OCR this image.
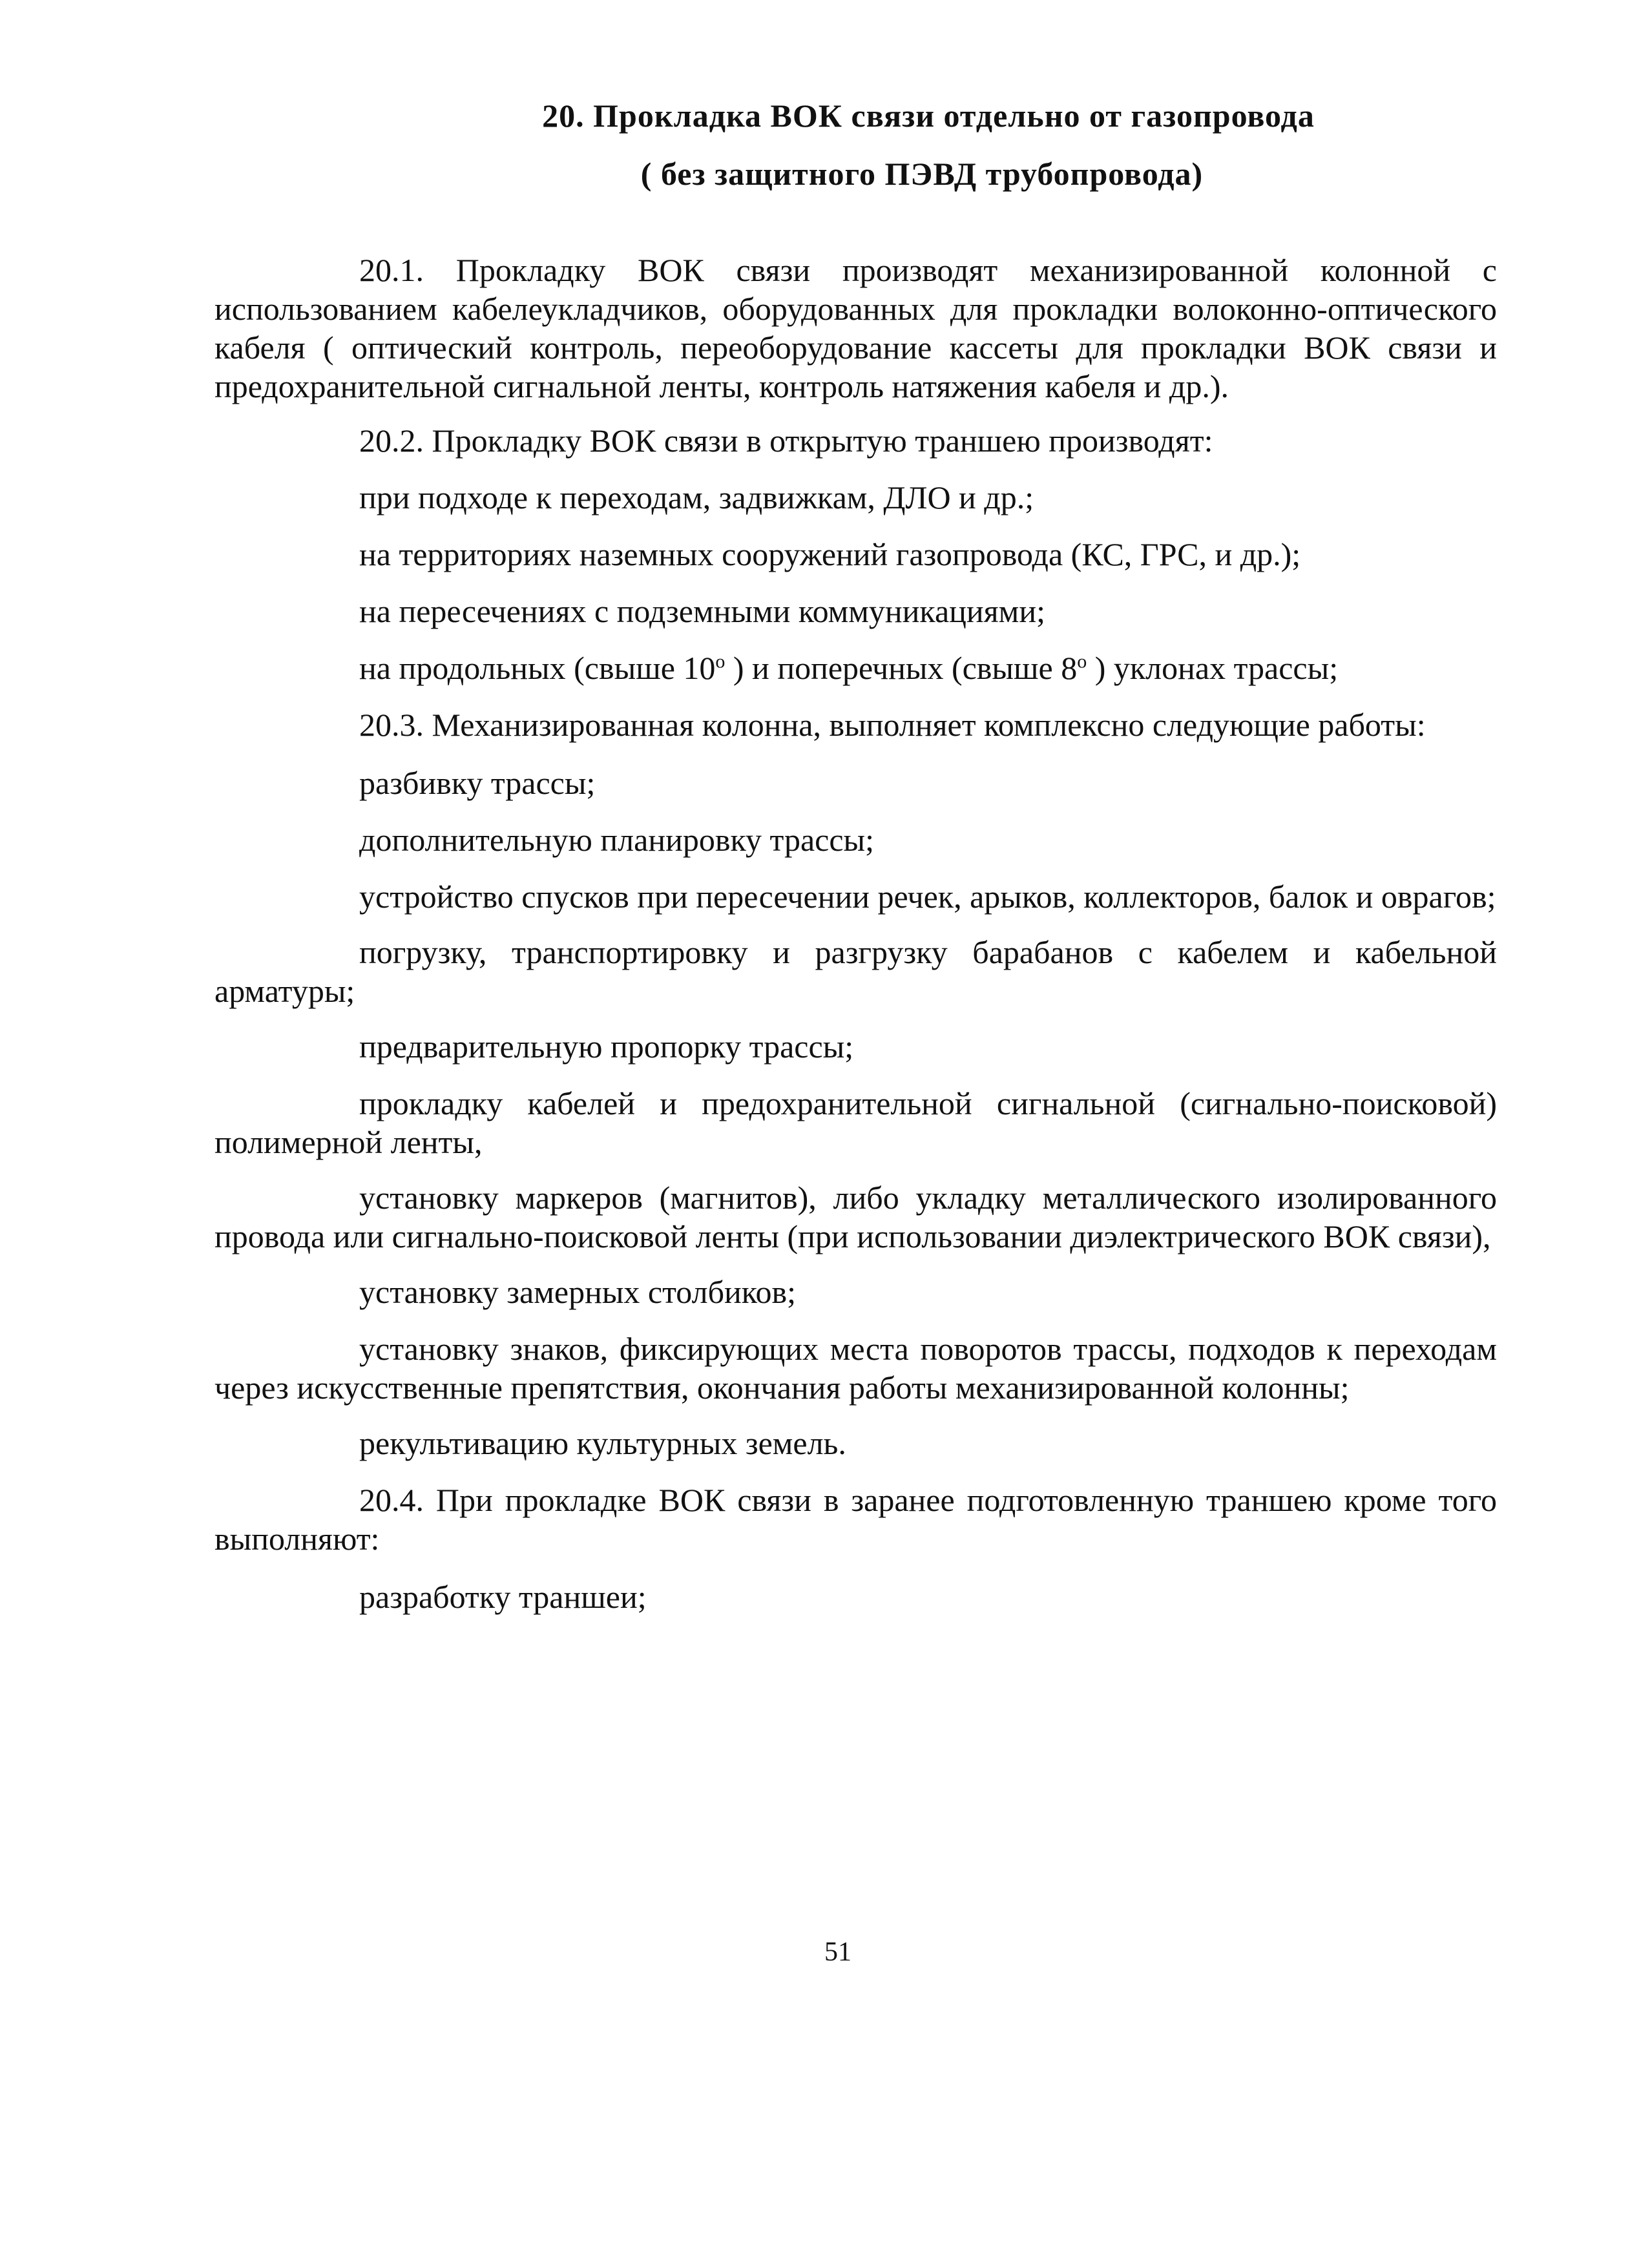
20. Прокладка ВОК связи отдельно от газопровода
( без защитного ПЭВД трубопровода)

20.1. Прокладку ВОК связи производят механизированной колонной с использованием кабелеукладчиков, оборудованных для прокладки волоконно-оптического кабеля ( оптический контроль, переоборудование кассеты для прокладки ВОК связи и предохранительной сигнальной ленты, контроль натяжения кабеля и др.).

20.2. Прокладку ВОК связи в открытую траншею производят:

при подходе к переходам, задвижкам, ДЛО и др.;
на территориях наземных сооружений газопровода (КС, ГРС, и др.);
на пересечениях с подземными коммуникациями;
на продольных (свыше $10^о$ ) и поперечных (свыше $8^о$ ) уклонах трассы;

20.3. Механизированная колонна, выполняет комплексно следующие работы:

разбивку трассы;
дополнительную планировку трассы;
устройство спусков при пересечении речек, арыков, коллекторов, балок и оврагов;
погрузку, транспортировку и разгрузку барабанов с кабелем и кабельной арматуры;
предварительную пропорку трассы;
прокладку кабелей и предохранительной сигнальной (сигнально-поисковой) полимерной ленты,
установку маркеров (магнитов), либо укладку металлического изолированного провода или сигнально-поисковой ленты (при использовании диэлектрического ВОК связи),
установку замерных столбиков;
установку знаков, фиксирующих места поворотов трассы, подходов к переходам через искусственные препятствия, окончания работы механизированной колонны;
рекультивацию культурных земель.

20.4. При прокладке ВОК связи в заранее подготовленную траншею кроме того выполняют:

разработку траншеи;
51
